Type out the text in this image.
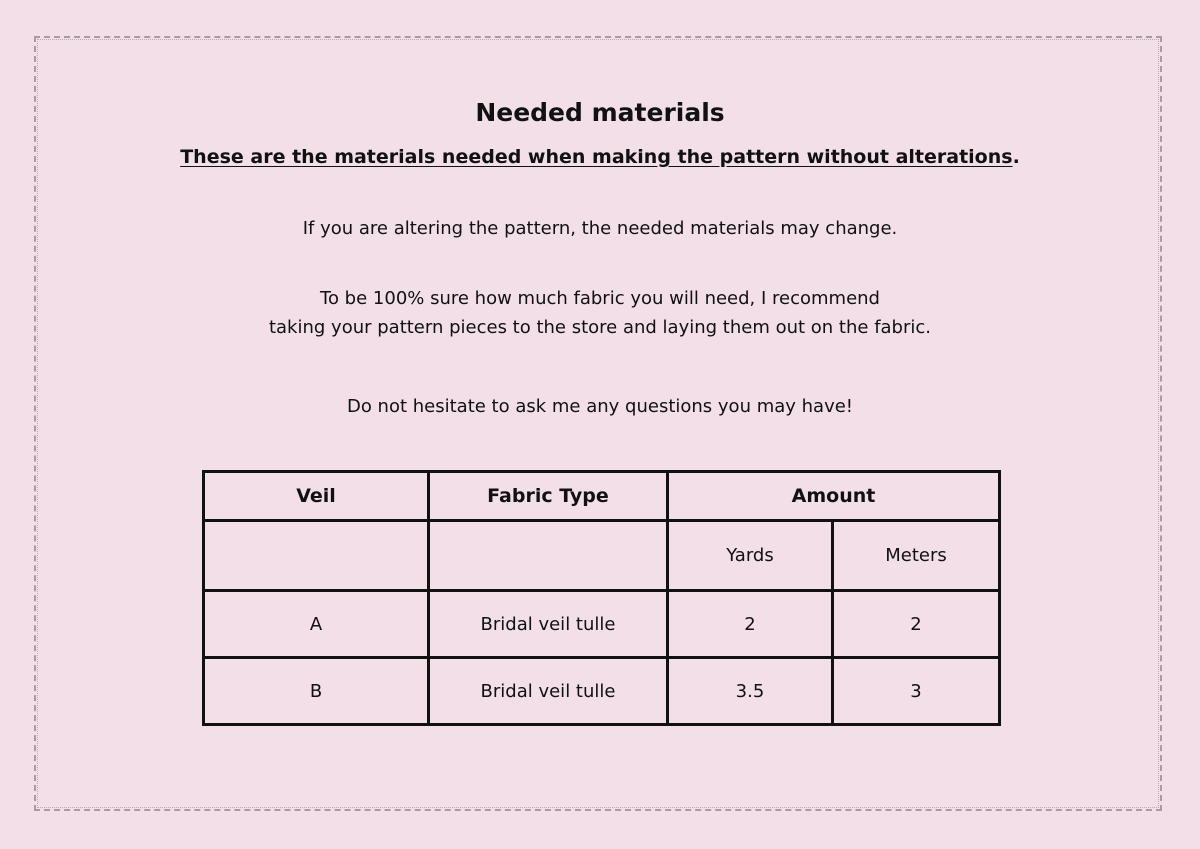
Needed materials

These are the materials needed when making the pattern without alterations.

If you are altering the pattern, the needed materials may change.

To be 100% sure how much fabric you will need, I recommend
taking your pattern pieces to the store and laying them out on the fabric.

Do not hesitate to ask me any questions you may have!

Veil	Fabric Type	Amount	
		Yards	Meters
A	Bridal veil tulle	2	2
B	Bridal veil tulle	3.5	3
